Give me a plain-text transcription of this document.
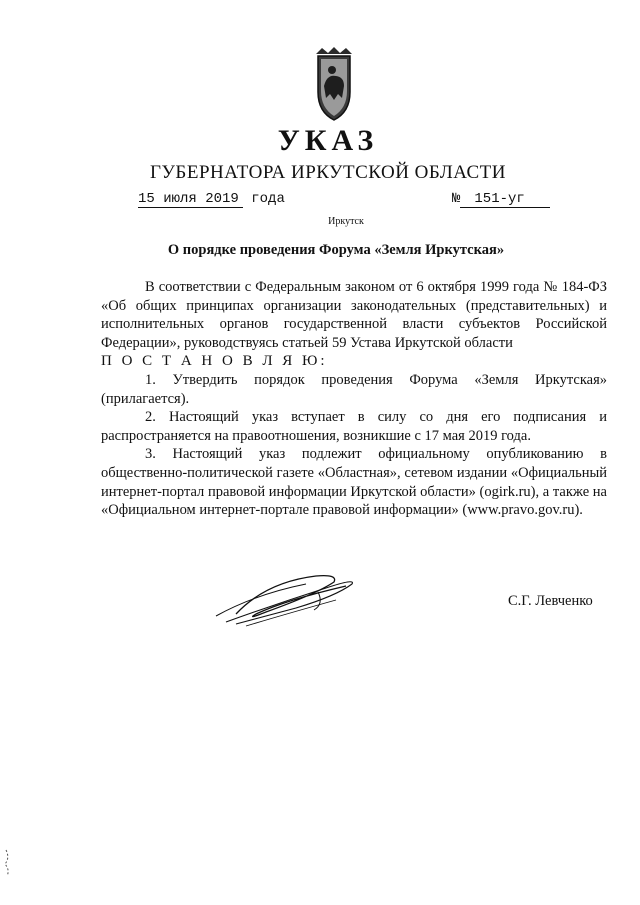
УКАЗ
ГУБЕРНАТОРА ИРКУТСКОЙ ОБЛАСТИ
15 июля 2019 года	№ 151-уг
Иркутск
О порядке проведения Форума «Земля Иркутская»

В соответствии с Федеральным законом от 6 октября 1999 года № 184-ФЗ «Об общих принципах организации законодательных (представительных) и исполнительных органов государственной власти субъектов Российской Федерации», руководствуясь статьей 59 Устава Иркутской области

П О С Т А Н О В Л Я Ю:

1. Утвердить порядок проведения Форума «Земля Иркутская» (прилагается).

2. Настоящий указ вступает в силу со дня его подписания и распространяется на правоотношения, возникшие с 17 мая 2019 года.

3. Настоящий указ подлежит официальному опубликованию в общественно-политической газете «Областная», сетевом издании «Официальный интернет-портал правовой информации Иркутской области» (ogirk.ru), а также на «Официальном интернет-портале правовой информации» (www.pravo.gov.ru).

С.Г. Левченко
